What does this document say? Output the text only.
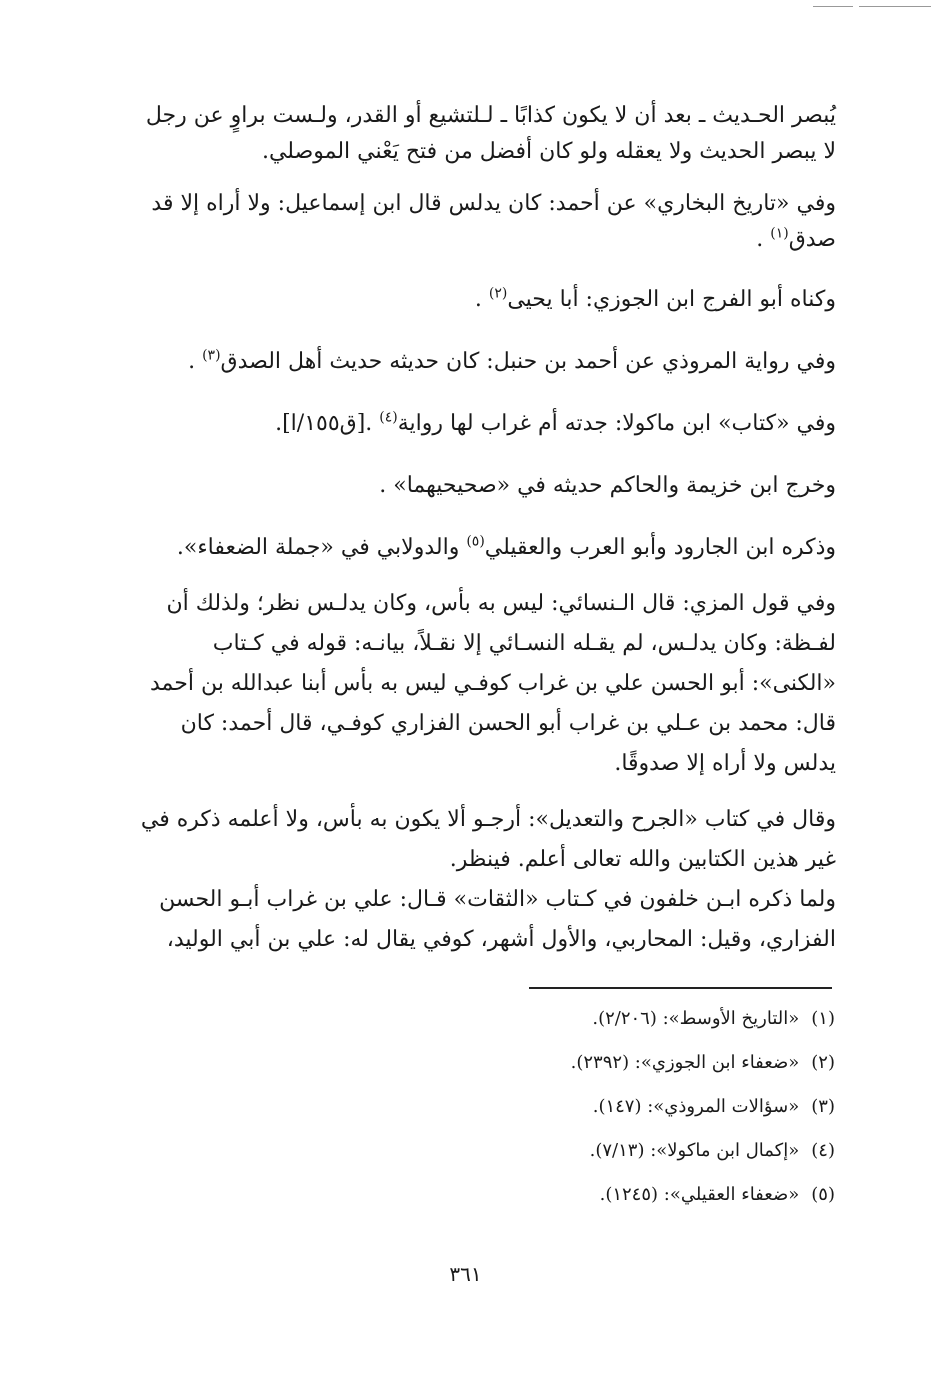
يُبصر الحـديث ـ بعد أن لا يكون كذابًا ـ لـلتشيع أو القدر، ولـست براوٍ عن رجل لا يبصر الحديث ولا يعقله ولو كان أفضل من فتح يَعْني الموصلي.

وفي «تاريخ البخاري» عن أحمد: كان يدلس قال ابن إسماعيل: ولا أراه إلا قد صدق$^{(١)}$ .

وكناه أبو الفرج ابن الجوزي: أبا يحيى$^{(٢)}$ .

وفي رواية المروذي عن أحمد بن حنبل: كان حديثه حديث أهل الصدق$^{(٣)}$ .

وفي «كتاب» ابن ماكولا: جدته أم غراب لها رواية$^{(٤)}$ .[ق١٥٥/ا].

وخرج ابن خزيمة والحاكم حديثه في «صحيحيهما» .

وذكره ابن الجارود وأبو العرب والعقيلي$^{(٥)}$ والدولابي في «جملة الضعفاء».

وفي قول المزي: قال الـنسائي: ليس به بأس، وكان يدلـس نظر؛ ولذلك أن لفـظة: وكان يدلـس، لم يقـله النسـائي إلا نقـلاً، بيانـه: قوله في كـتاب «الكنى»: أبو الحسن علي بن غراب كوفـي ليس به بأس أبنا عبدالله بن أحمد قال: محمد بن عـلي بن غراب أبو الحسن الفزاري كوفـي، قال أحمد: كان يدلس ولا أراه إلا صدوقًا.

وقال في كتاب «الجرح والتعديل»: أرجـو ألا يكون به بأس، ولا أعلمه ذكره في غير هذين الكتابين والله تعالى أعلم. فينظر.

ولما ذكره ابـن خلفون في كـتاب «الثقات» قـال: علي بن غراب أبـو الحسن الفزاري، وقيل: المحاربي، والأول أشهر، كوفي يقال له: علي بن أبي الوليد،

(١)«التاريخ الأوسط»: (٢/٢٠٦).

(٢)«ضعفاء ابن الجوزي»: (٢٣٩٢).

(٣)«سؤالات المروذي»: (١٤٧).

(٤)«إكمال ابن ماكولا»: (٧/١٣).

(٥)«ضعفاء العقيلي»: (١٢٤٥).

٣٦١
